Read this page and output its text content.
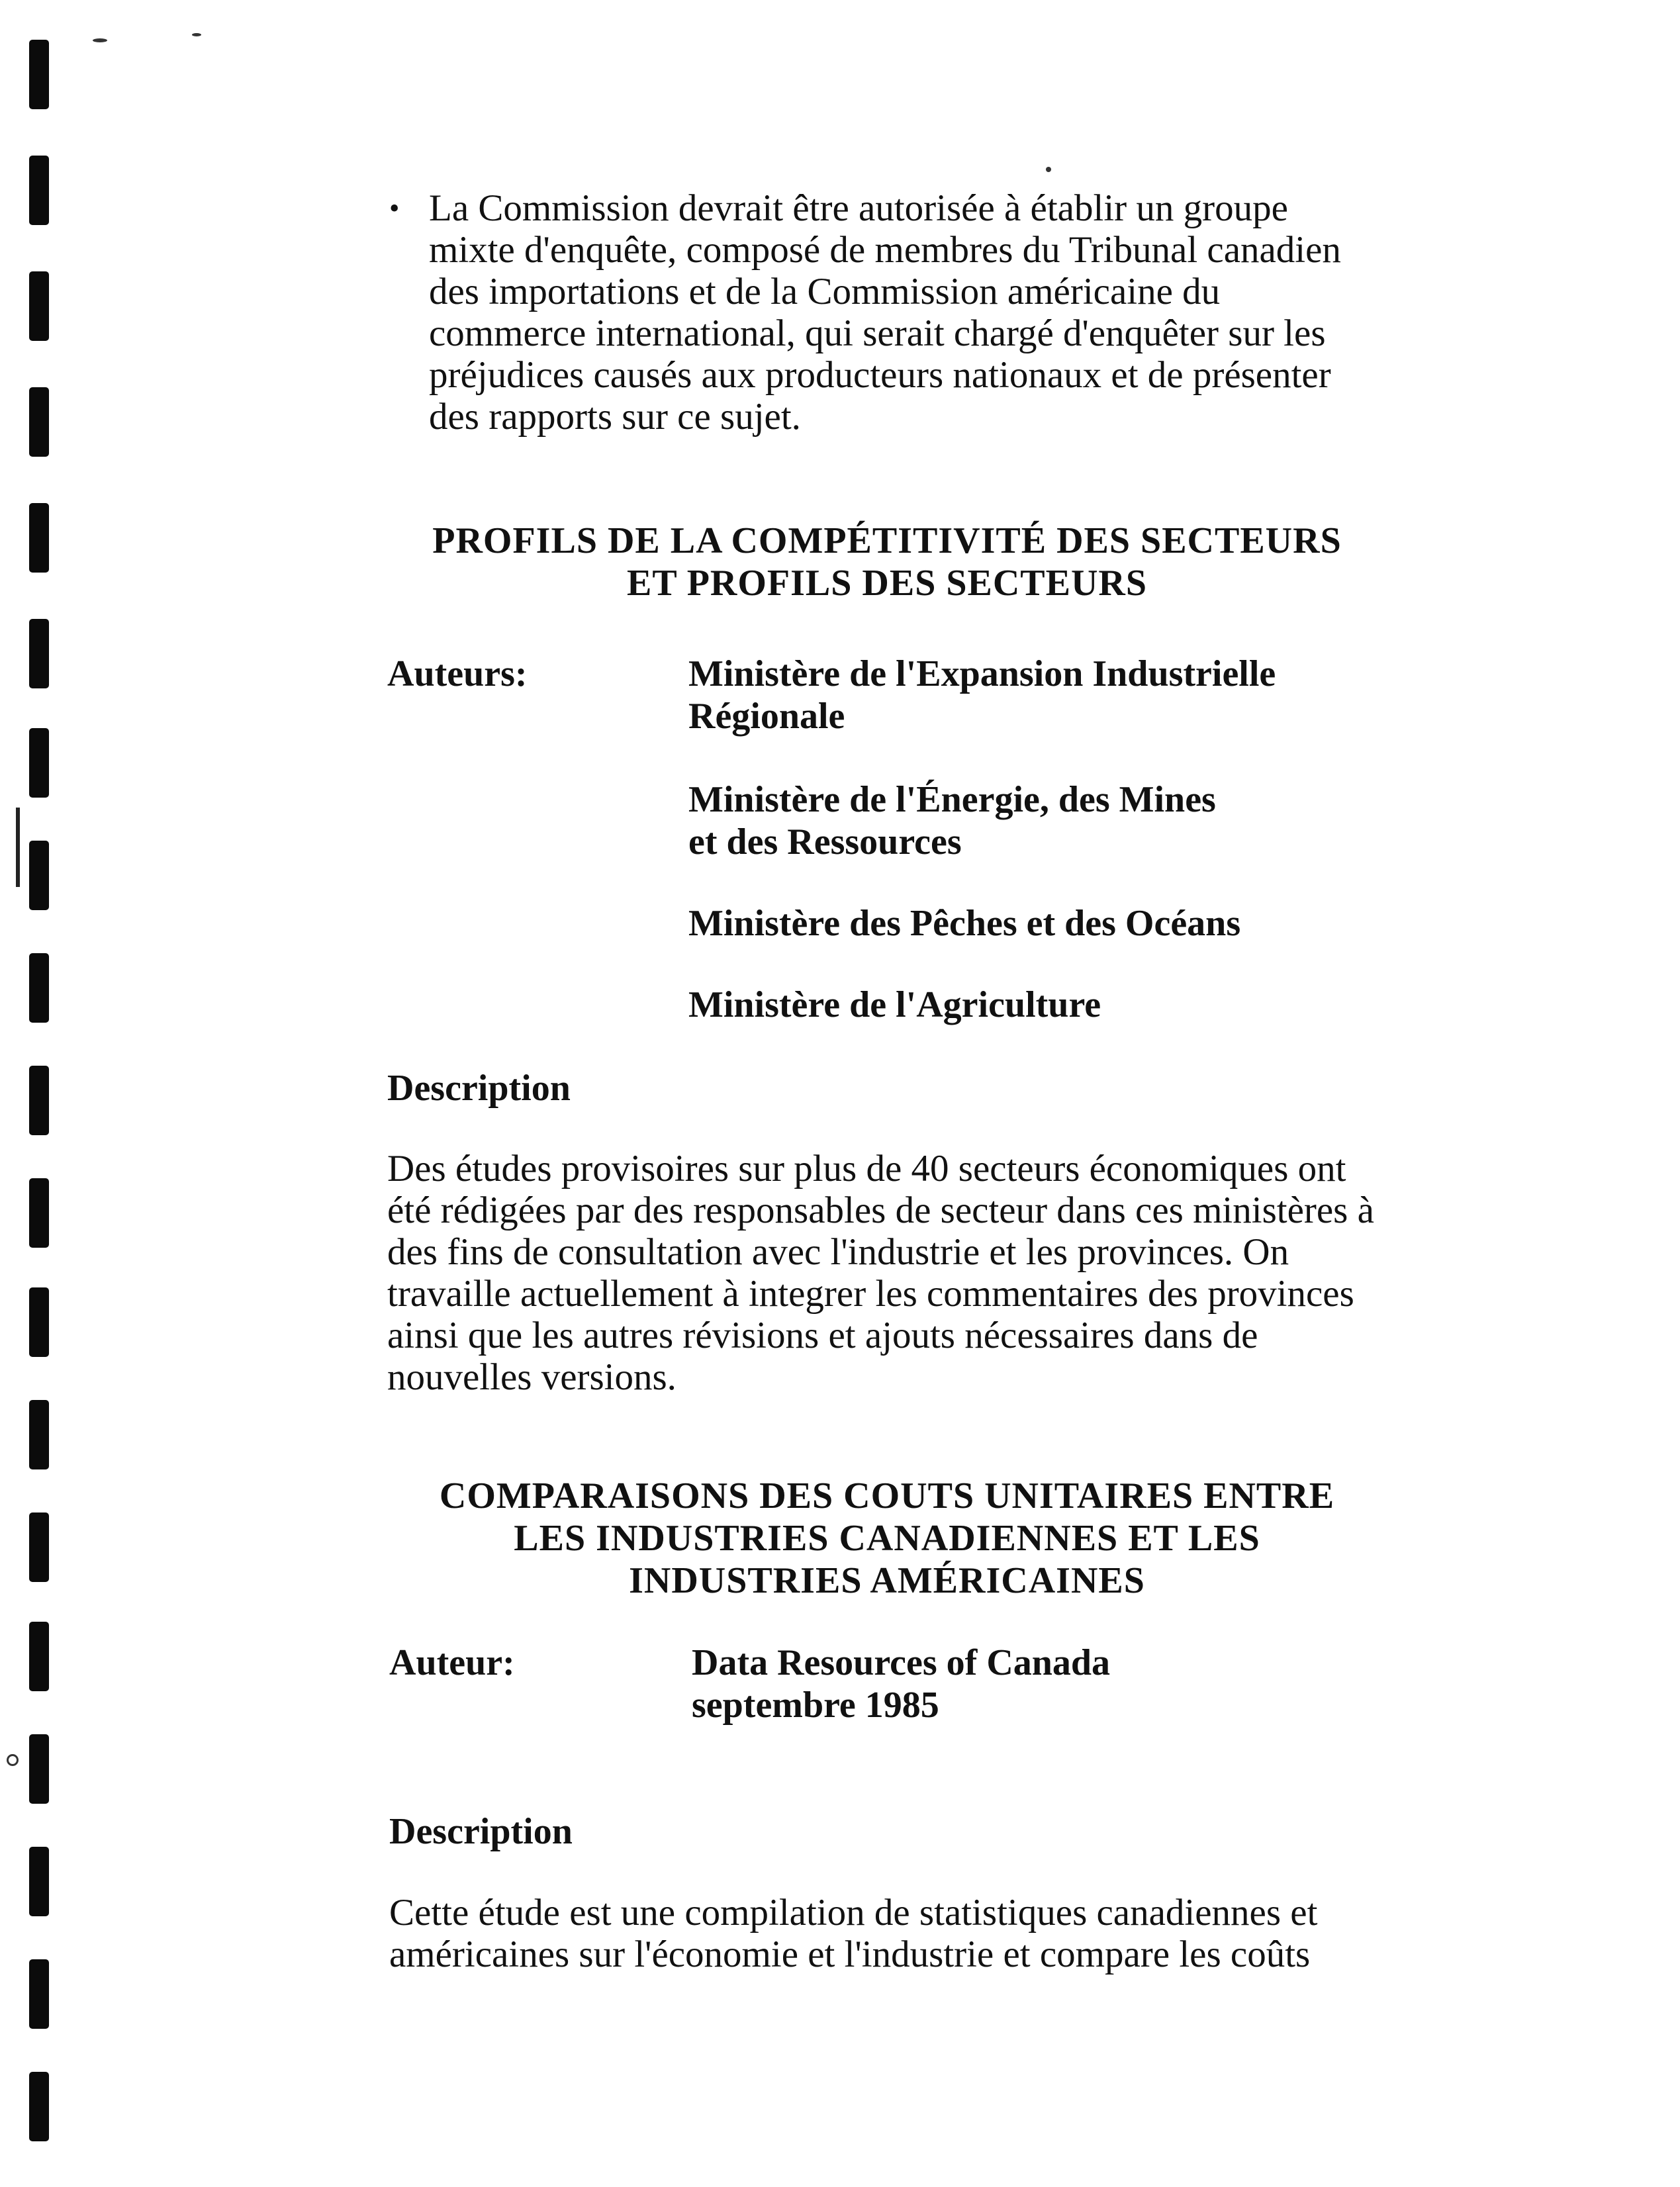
• La Commission devrait être autorisée à établir un groupe
mixte d'enquête, composé de membres du Tribunal canadien
des importations et de la Commission américaine du
commerce international, qui serait chargé d'enquêter sur les
préjudices causés aux producteurs nationaux et de présenter
des rapports sur ce sujet.
PROFILS DE LA COMPÉTITIVITÉ DES SECTEURS
ET PROFILS DES SECTEURS
Auteurs:	Ministère de l'Expansion Industrielle
Régionale
Ministère de l'Énergie, des Mines
et des Ressources
Ministère des Pêches et des Océans
Ministère de l'Agriculture
Description
Des études provisoires sur plus de 40 secteurs économiques ont
été rédigées par des responsables de secteur dans ces ministères à
des fins de consultation avec l'industrie et les provinces. On
travaille actuellement à integrer les commentaires des provinces
ainsi que les autres révisions et ajouts nécessaires dans de
nouvelles versions.
COMPARAISONS DES COUTS UNITAIRES ENTRE
LES INDUSTRIES CANADIENNES ET LES
INDUSTRIES AMÉRICAINES
Auteur:	Data Resources of Canada
septembre 1985
Description
Cette étude est une compilation de statistiques canadiennes et
américaines sur l'économie et l'industrie et compare les coûts
